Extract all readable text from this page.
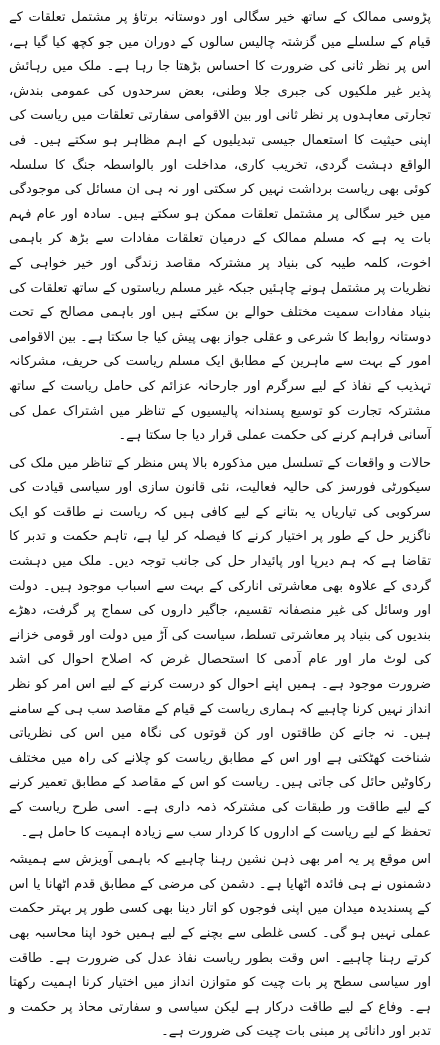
پڑوسی ممالک کے ساتھ خیر سگالی اور دوستانہ برتاؤ پر مشتمل تعلقات کے قیام کے سلسلے میں گزشتہ چالیس سالوں کے دوران میں جو کچھ کیا گیا ہے، اس پر نظر ثانی کی ضرورت کا احساس بڑھتا جا رہا ہے۔ ملک میں رہائش پذیر غیر ملکیوں کی جبری جلا وطنی، بعض سرحدوں کی عمومی بندش، تجارتی معاہدوں پر نظر ثانی اور بین الاقوامی سفارتی تعلقات میں ریاست کی اپنی حیثیت کا استعمال جیسی تبدیلیوں کے اہم مظاہر ہو سکتے ہیں۔ فی الواقع دہشت گردی، تخریب کاری، مداخلت اور بالواسطہ جنگ کا سلسلہ کوئی بھی ریاست برداشت نہیں کر سکتی اور نہ ہی ان مسائل کی موجودگی میں خیر سگالی پر مشتمل تعلقات ممکن ہو سکتے ہیں۔ سادہ اور عام فہم بات یہ ہے کہ مسلم ممالک کے درمیان تعلقات مفادات سے بڑھ کر باہمی اخوت، کلمہ طیبہ کی بنیاد پر مشترکہ مقاصد زندگی اور خیر خواہی کے نظریات پر مشتمل ہونے چاہئیں جبکہ غیر مسلم ریاستوں کے ساتھ تعلقات کی بنیاد مفادات سمیت مختلف حوالے بن سکتے ہیں اور باہمی مصالح کے تحت دوستانہ روابط کا شرعی و عقلی جواز بھی پیش کیا جا سکتا ہے۔ بین الاقوامی امور کے بہت سے ماہرین کے مطابق ایک مسلم ریاست کی حریف، مشرکانہ تہذیب کے نفاذ کے لیے سرگرم اور جارحانہ عزائم کی حامل ریاست کے ساتھ مشترکہ تجارت کو توسیع پسندانہ پالیسیوں کے تناظر میں اشتراک عمل کی آسانی فراہم کرنے کی حکمت عملی قرار دیا جا سکتا ہے۔

حالات و واقعات کے تسلسل میں مذکورہ بالا پس منظر کے تناظر میں ملک کی سیکورٹی فورسز کی حالیہ فعالیت، نئی قانون سازی اور سیاسی قیادت کی سرکوبی کی تیاریاں یہ بتانے کے لیے کافی ہیں کہ ریاست نے طاقت کو ایک ناگزیر حل کے طور پر اختیار کرنے کا فیصلہ کر لیا ہے، تاہم حکمت و تدبر کا تقاضا ہے کہ ہم دیرپا اور پائیدار حل کی جانب توجہ دیں۔ ملک میں دہشت گردی کے علاوہ بھی معاشرتی انارکی کے بہت سے اسباب موجود ہیں۔ دولت اور وسائل کی غیر منصفانہ تقسیم، جاگیر داروں کی سماج پر گرفت، دھڑے بندیوں کی بنیاد پر معاشرتی تسلط، سیاست کی آڑ میں دولت اور قومی خزانے کی لوٹ مار اور عام آدمی کا استحصال غرض کہ اصلاح احوال کی اشد ضرورت موجود ہے۔ ہمیں اپنے احوال کو درست کرنے کے لیے اس امر کو نظر انداز نہیں کرنا چاہیے کہ ہماری ریاست کے قیام کے مقاصد سب ہی کے سامنے ہیں۔ نہ جانے کن طاقتوں اور کن قوتوں کی نگاہ میں اس کی نظریاتی شناخت کھٹکتی ہے اور اس کے مطابق ریاست کو چلانے کی راہ میں مختلف رکاوٹیں حائل کی جاتی ہیں۔ ریاست کو اس کے مقاصد کے مطابق تعمیر کرنے کے لیے طاقت ور طبقات کی مشترکہ ذمہ داری ہے۔ اسی طرح ریاست کے تحفظ کے لیے ریاست کے اداروں کا کردار سب سے زیادہ اہمیت کا حامل ہے۔

اس موقع پر یہ امر بھی ذہن نشین رہنا چاہیے کہ باہمی آویزش سے ہمیشہ دشمنوں نے ہی فائدہ اٹھایا ہے۔ دشمن کی مرضی کے مطابق قدم اٹھانا یا اس کے پسندیدہ میدان میں اپنی فوجوں کو اتار دینا بھی کسی طور پر بہتر حکمت عملی نہیں ہو گی۔ کسی غلطی سے بچنے کے لیے ہمیں خود اپنا محاسبہ بھی کرتے رہنا چاہیے۔ اس وقت بطور ریاست نفاذ عدل کی ضرورت ہے۔ طاقت اور سیاسی سطح پر بات چیت کو متوازن انداز میں اختیار کرنا اہمیت رکھتا ہے۔ وفاع کے لیے طاقت درکار ہے لیکن سیاسی و سفارتی محاذ پر حکمت و تدبر اور دانائی پر مبنی بات چیت کی ضرورت ہے۔
